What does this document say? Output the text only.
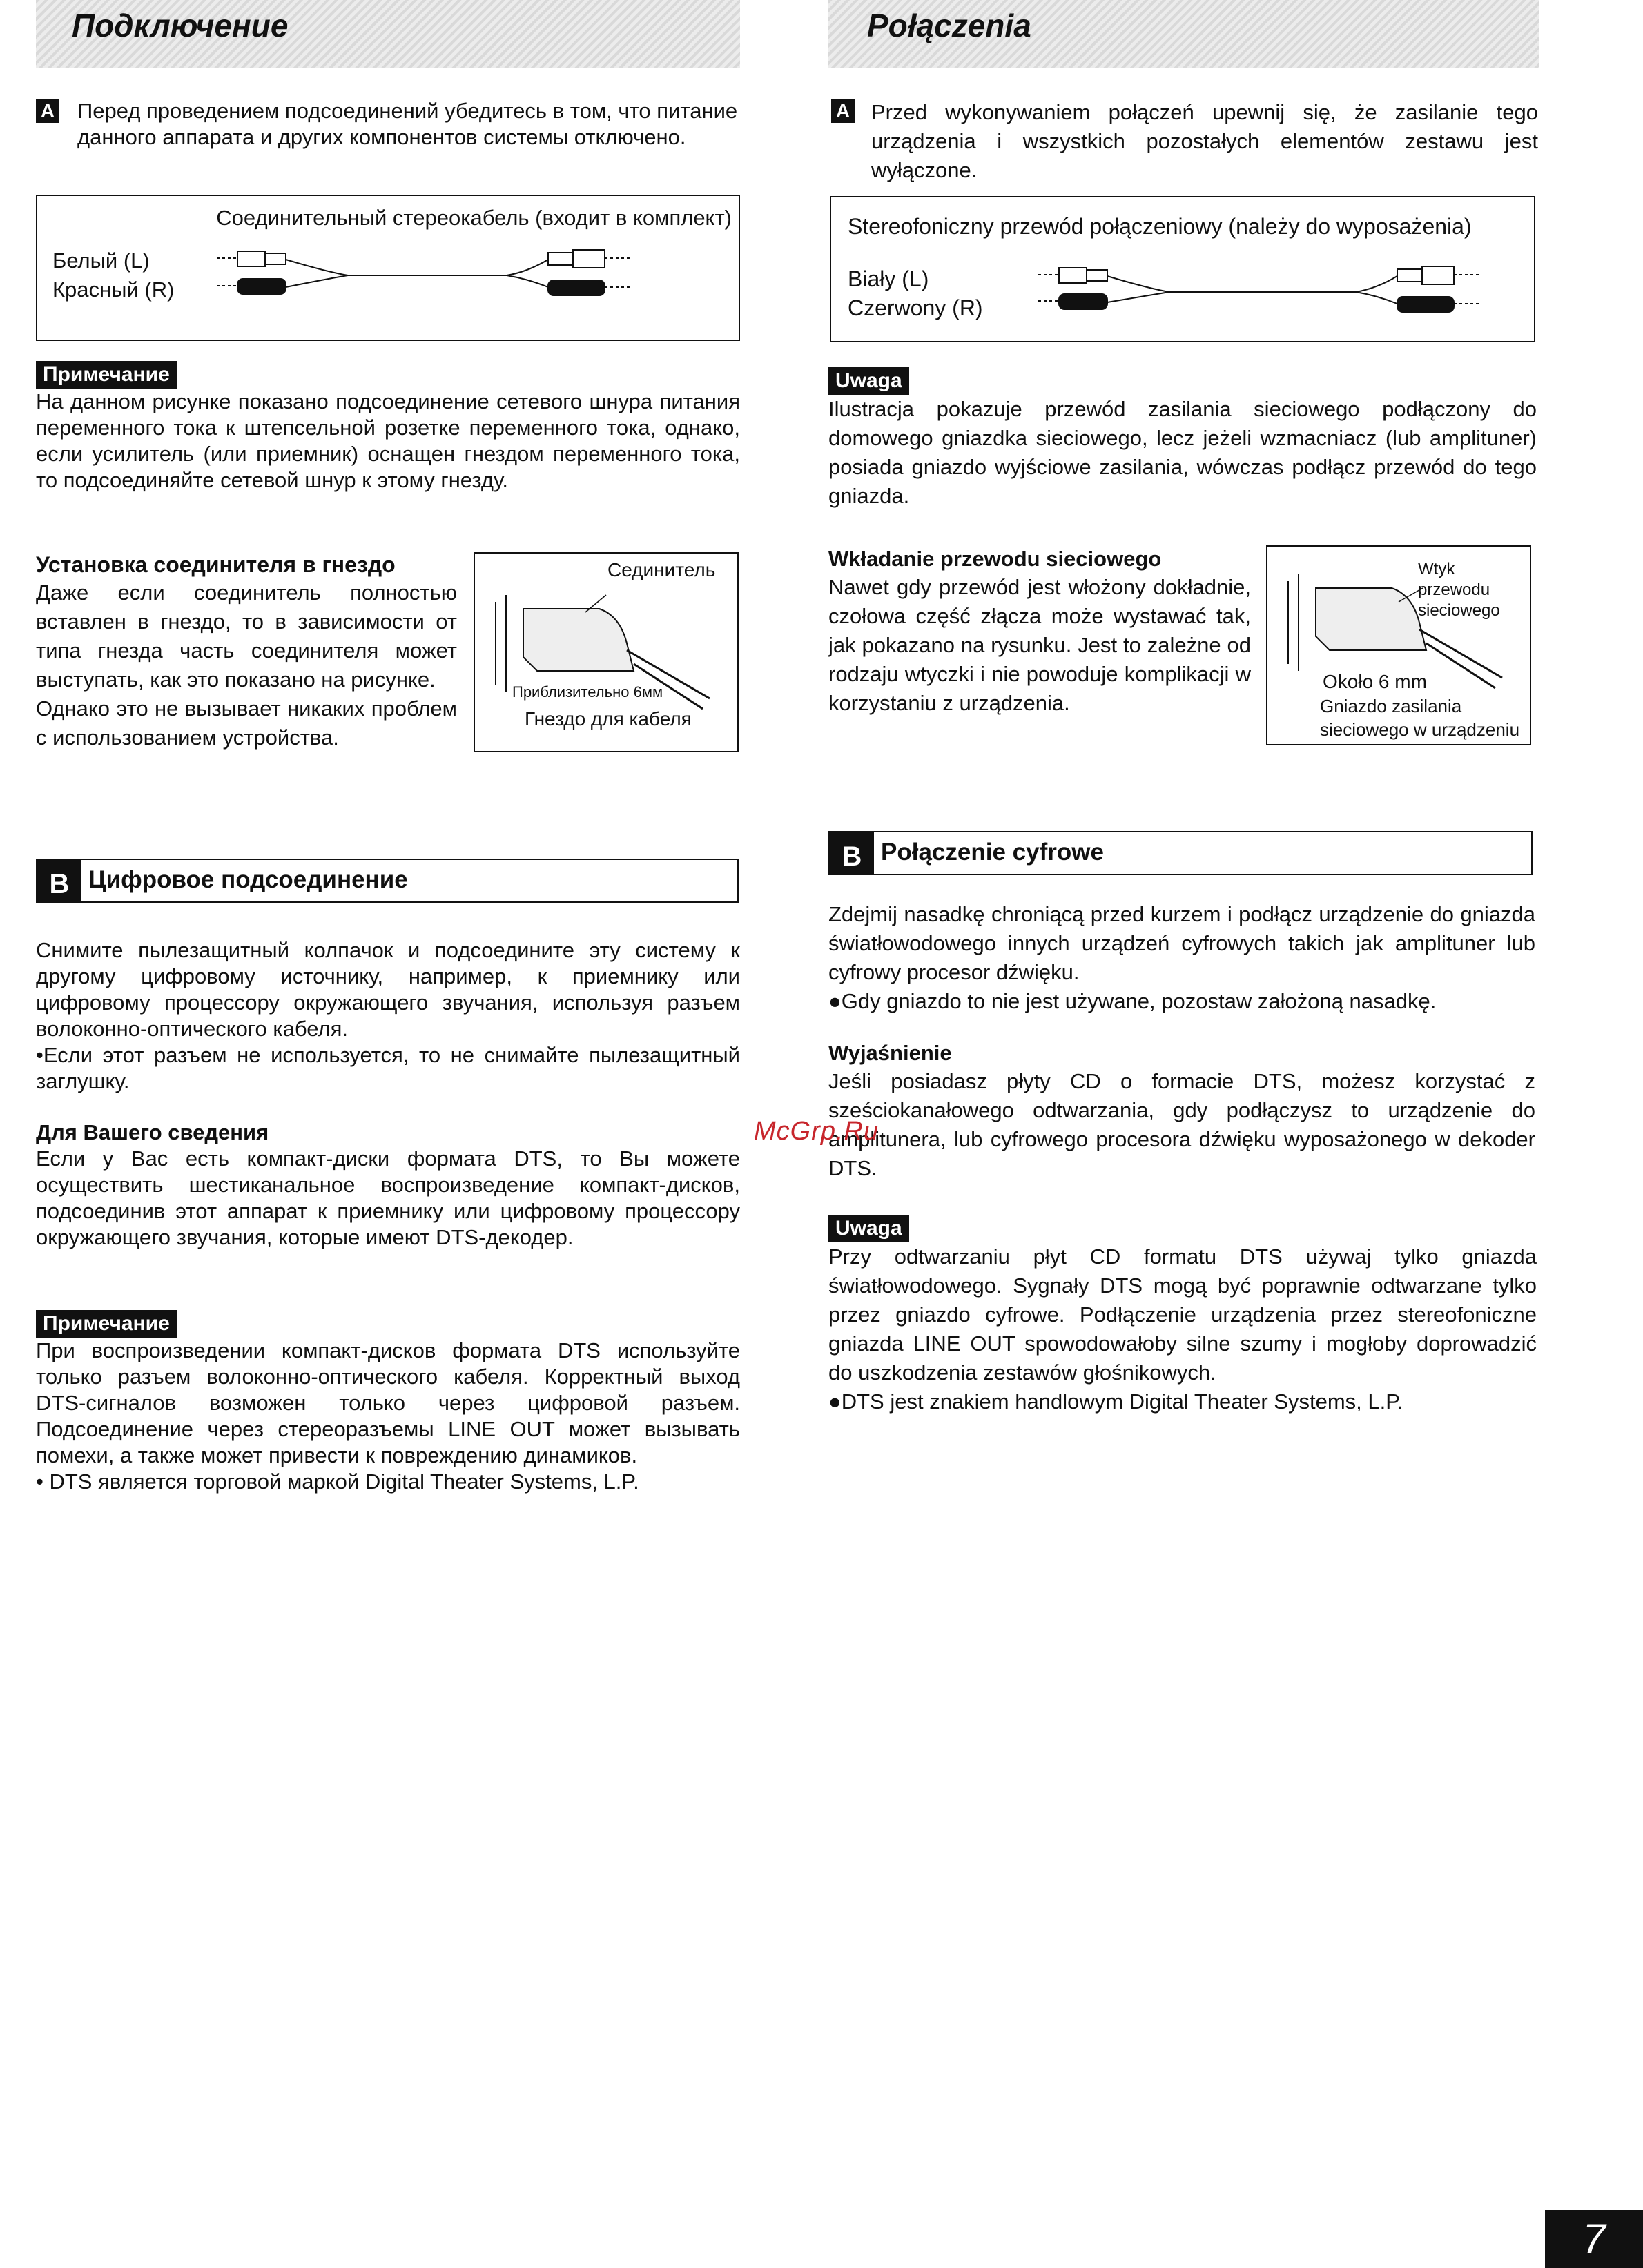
Подключение	Połączenia
A Перед проведением подсоединений убедитесь в том, что питание данного аппарата и других компонентов системы отключено.

Соединительный стереокабель (входит в комплект)
Белый (L)
Красный (R)
Примечание

На данном рисунке показано подсоединение сетевого шнура питания переменного тока к штепсельной розетке переменного тока, однако, если усилитель (или приемник) оснащен гнездом переменного тока, то подсоединяйте сетевой шнур к этому гнезду.

Установка соединителя в гнездо

Даже если соединитель полностью вставлен в гнездо, то в зависимости от типа гнезда часть соединителя может выступать, как это показано на рисунке.

Однако это не вызывает никаких проблем с использованием устройства.

Сединитель
Приблизительно 6мм
Гнездо для кабеля
B Цифровое подсоединение

Снимите пылезащитный колпачок и подсоедините эту систему к другому цифровому источнику, например, к приемнику или цифровому процессору окружающего звучания, используя разъем волоконно-оптического кабеля.

•Если этот разъем не используется, то не снимайте пылезащитный заглушку.

Для Вашего сведения

Если у Вас есть компакт-диски формата DTS, то Вы можете осуществить шестиканальное воспроизведение компакт-дисков, подсоединив этот аппарат к приемнику или цифровому процессору окружающего звучания, которые имеют DTS-декодер.

Примечание

При воспроизведении компакт-дисков формата DTS используйте только разъем волоконно-оптического кабеля. Корректный выход DTS-сигналов возможен только через цифровой разъем. Подсоединение через стереоразъемы LINE OUT может вызывать помехи, а также может привести к повреждению динамиков.

• DTS является торговой маркой Digital Theater Systems, L.P.

A Przed wykonywaniem połączeń upewnij się, że zasilanie tego urządzenia i wszystkich pozostałych elementów zestawu jest wyłączone.

Stereofoniczny przewód połączeniowy (należy do wyposażenia)
Biały (L)
Czerwony (R)
Uwaga

Ilustracja pokazuje przewód zasilania sieciowego podłączony do domowego gniazdka sieciowego, lecz jeżeli wzmacniacz (lub amplituner) posiada gniazdo wyjściowe zasilania, wówczas podłącz przewód do tego gniazda.

Wkładanie przewodu sieciowego

Nawet gdy przewód jest włożony dokładnie, czołowa część złącza może wystawać tak, jak pokazano na rysunku. Jest to zależne od rodzaju wtyczki i nie powoduje komplikacji w korzystaniu z urządzenia.

Wtyk przewodu sieciowego
Około 6 mm
Gniazdo zasilania sieciowego w urządzeniu
B Połączenie cyfrowe

Zdejmij nasadkę chroniącą przed kurzem i podłącz urządzenie do gniazda światłowodowego innych urządzeń cyfrowych takich jak amplituner lub cyfrowy procesor dźwięku.

●Gdy gniazdo to nie jest używane, pozostaw założoną nasadkę.

Wyjaśnienie

Jeśli posiadasz płyty CD o formacie DTS, możesz korzystać z sześciokanałowego odtwarzania, gdy podłączysz to urządzenie do amplitunera, lub cyfrowego procesora dźwięku wyposażonego w dekoder DTS.

Uwaga

Przy odtwarzaniu płyt CD formatu DTS używaj tylko gniazda światłowodowego. Sygnały DTS mogą być poprawnie odtwarzane tylko przez gniazdo cyfrowe. Podłączenie urządzenia przez stereofoniczne gniazda LINE OUT spowodowałoby silne szumy i mogłoby doprowadzić do uszkodzenia zestawów głośnikowych.

●DTS jest znakiem handlowym Digital Theater Systems, L.P.

McGrp.Ru
7
